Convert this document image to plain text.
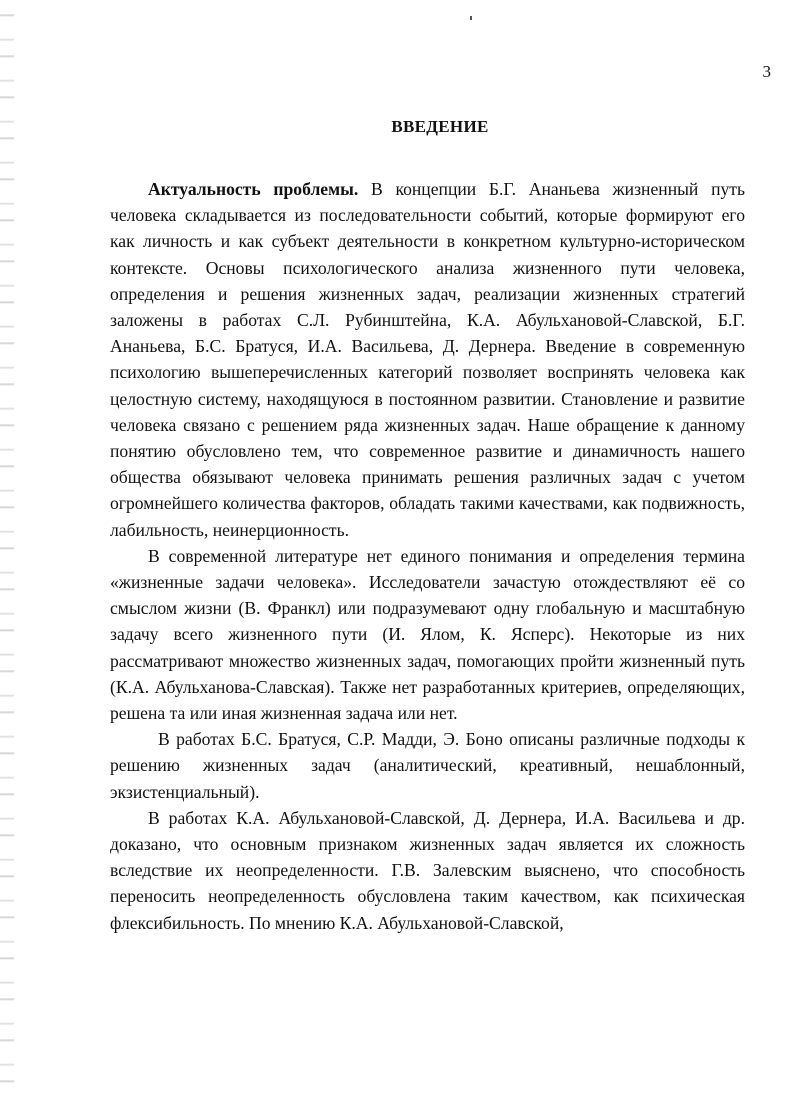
3
ВВЕДЕНИЕ

Актуальность проблемы. В концепции Б.Г. Ананьева жизненный путь человека складывается из последовательности событий, которые формируют его как личность и как субъект деятельности в конкретном культурно-историческом контексте. Основы психологического анализа жизненного пути человека, определения и решения жизненных задач, реализации жизненных стратегий заложены в работах С.Л. Рубинштейна, К.А. Абульхановой-Славской, Б.Г. Ананьева, Б.С. Братуся, И.А. Васильева, Д. Дернера. Введение в современную психологию вышеперечисленных категорий позволяет воспринять человека как целостную систему, находящуюся в постоянном развитии. Становление и развитие человека связано с решением ряда жизненных задач. Наше обращение к данному понятию обусловлено тем, что современное развитие и динамичность нашего общества обязывают человека принимать решения различных задач с учетом огромнейшего количества факторов, обладать такими качествами, как подвижность, лабильность, неинерционность.

В современной литературе нет единого понимания и определения термина «жизненные задачи человека». Исследователи зачастую отождествляют её со смыслом жизни (В. Франкл) или подразумевают одну глобальную и масштабную задачу всего жизненного пути (И. Ялом, К. Ясперс). Некоторые из них рассматривают множество жизненных задач, помогающих пройти жизненный путь (К.А. Абульханова-Славская). Также нет разработанных критериев, определяющих, решена та или иная жизненная задача или нет.

В работах Б.С. Братуся, С.Р. Мадди, Э. Боно описаны различные подходы к решению жизненных задач (аналитический, креативный, нешаблонный, экзистенциальный).

В работах К.А. Абульхановой-Славской, Д. Дернера, И.А. Васильева и др. доказано, что основным признаком жизненных задач является их сложность вследствие их неопределенности. Г.В. Залевским выяснено, что способность переносить неопределенность обусловлена таким качеством, как психическая флексибильность. По мнению К.А. Абульхановой-Славской,
